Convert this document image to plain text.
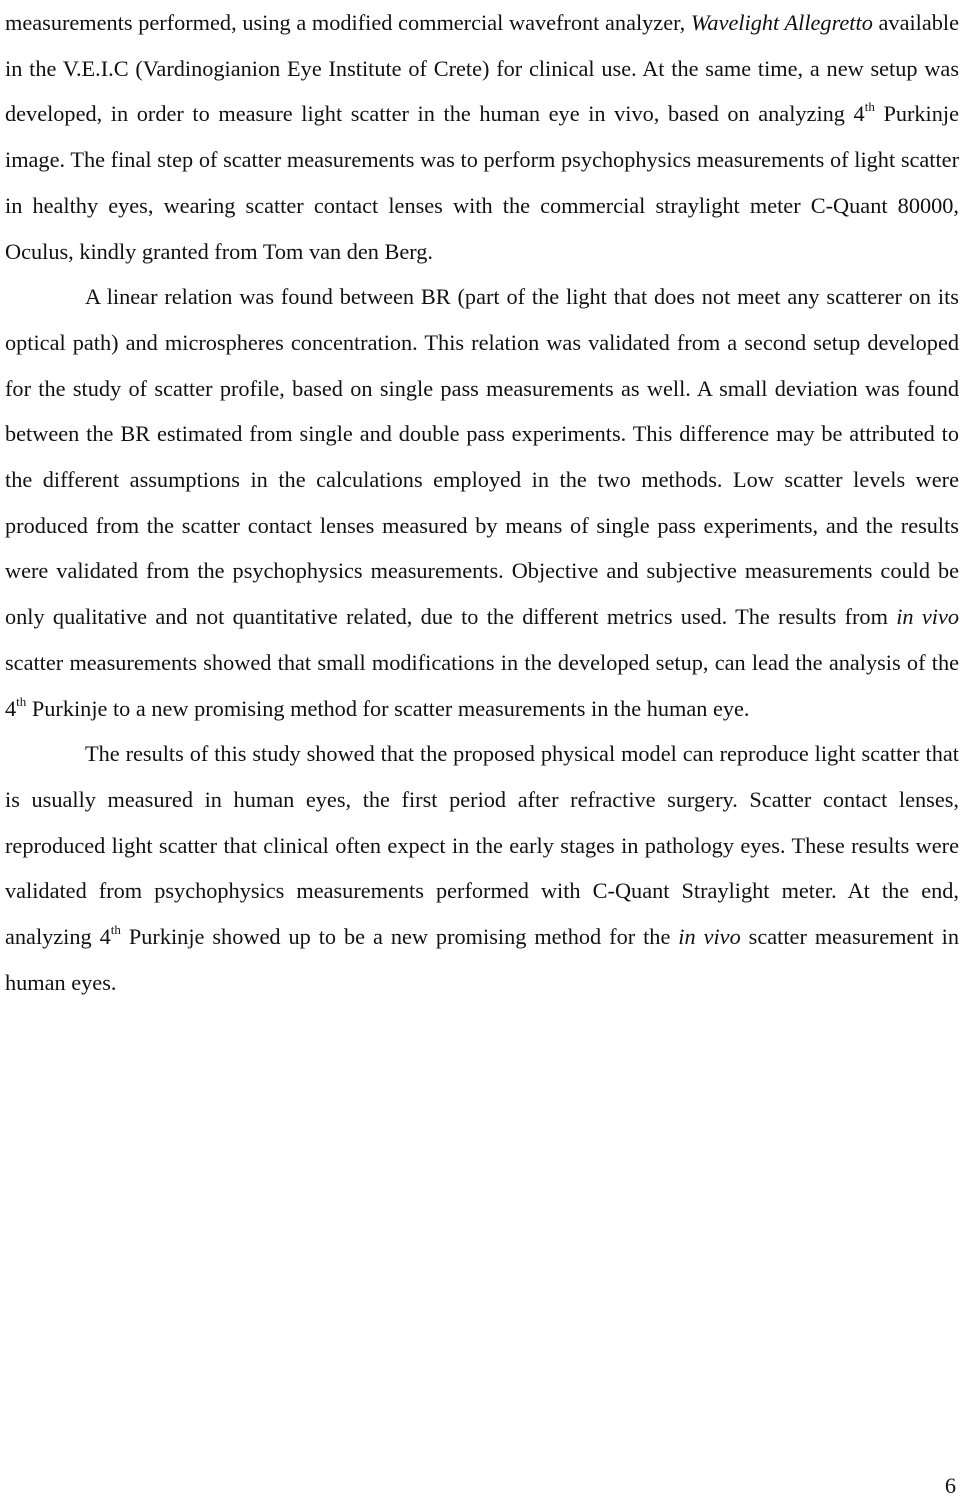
measurements performed, using a modified commercial wavefront analyzer, Wavelight Allegretto available in the V.E.I.C (Vardinogianion Eye Institute of Crete) for clinical use. At the same time, a new setup was developed, in order to measure light scatter in the human eye in vivo, based on analyzing 4th Purkinje image. The final step of scatter measurements was to perform psychophysics measurements of light scatter in healthy eyes, wearing scatter contact lenses with the commercial straylight meter C-Quant 80000, Oculus, kindly granted from Tom van den Berg.

A linear relation was found between BR (part of the light that does not meet any scatterer on its optical path) and microspheres concentration. This relation was validated from a second setup developed for the study of scatter profile, based on single pass measurements as well. A small deviation was found between the BR estimated from single and double pass experiments. This difference may be attributed to the different assumptions in the calculations employed in the two methods. Low scatter levels were produced from the scatter contact lenses measured by means of single pass experiments, and the results were validated from the psychophysics measurements. Objective and subjective measurements could be only qualitative and not quantitative related, due to the different metrics used. The results from in vivo scatter measurements showed that small modifications in the developed setup, can lead the analysis of the 4th Purkinje to a new promising method for scatter measurements in the human eye.

The results of this study showed that the proposed physical model can reproduce light scatter that is usually measured in human eyes, the first period after refractive surgery. Scatter contact lenses, reproduced light scatter that clinical often expect in the early stages in pathology eyes. These results were validated from psychophysics measurements performed with C-Quant Straylight meter. At the end, analyzing 4th Purkinje showed up to be a new promising method for the in vivo scatter measurement in human eyes.

6
